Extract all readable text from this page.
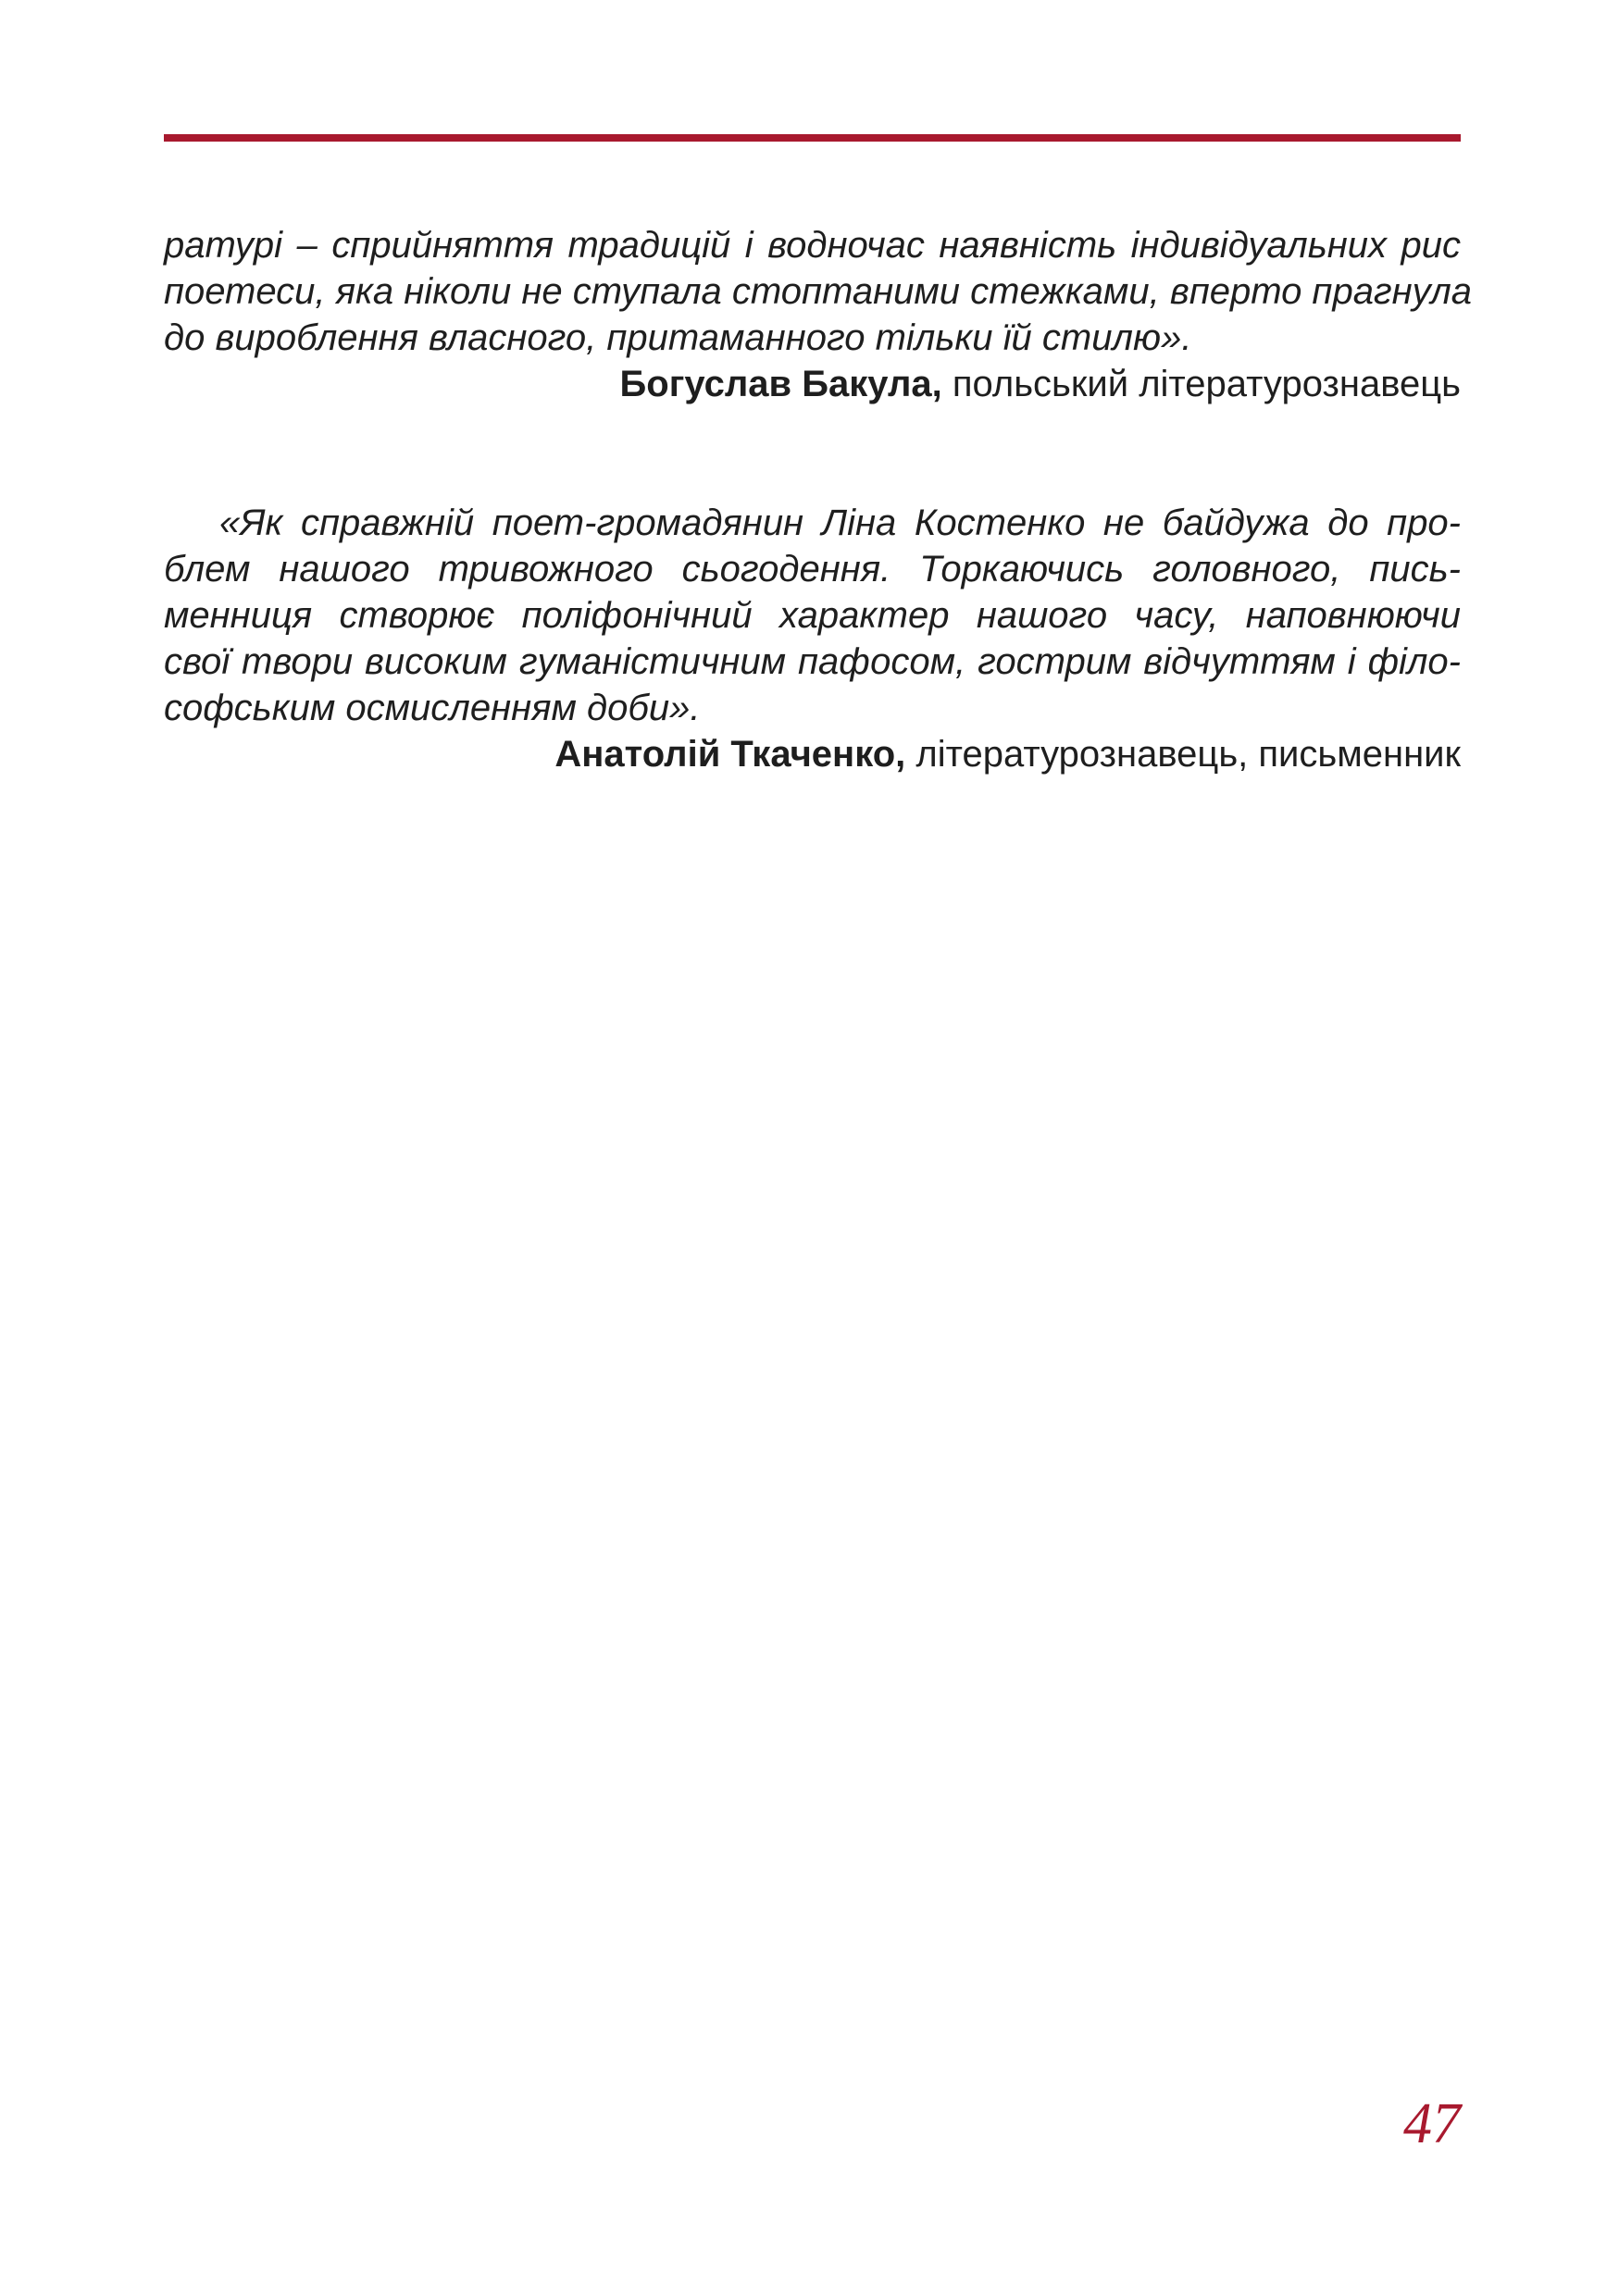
ратурі – сприйняття традицій і водночас наявність індивідуальних рис
поетеси, яка ніколи не ступала стоптаними стежками, вперто прагнула
до вироблення власного, притаманного тільки їй стилю».
Богуслав Бакула, польський літературознавець
«Як справжній поет-громадянин Ліна Костенко не байдужа до про-
блем нашого тривожного сьогодення. Торкаючись головного, пись-
менниця створює поліфонічний характер нашого часу, наповнюючи
свої твори високим гуманістичним пафосом, гострим відчуттям і філо-
софським осмисленням доби».
Анатолій Ткаченко, літературознавець, письменник
47
